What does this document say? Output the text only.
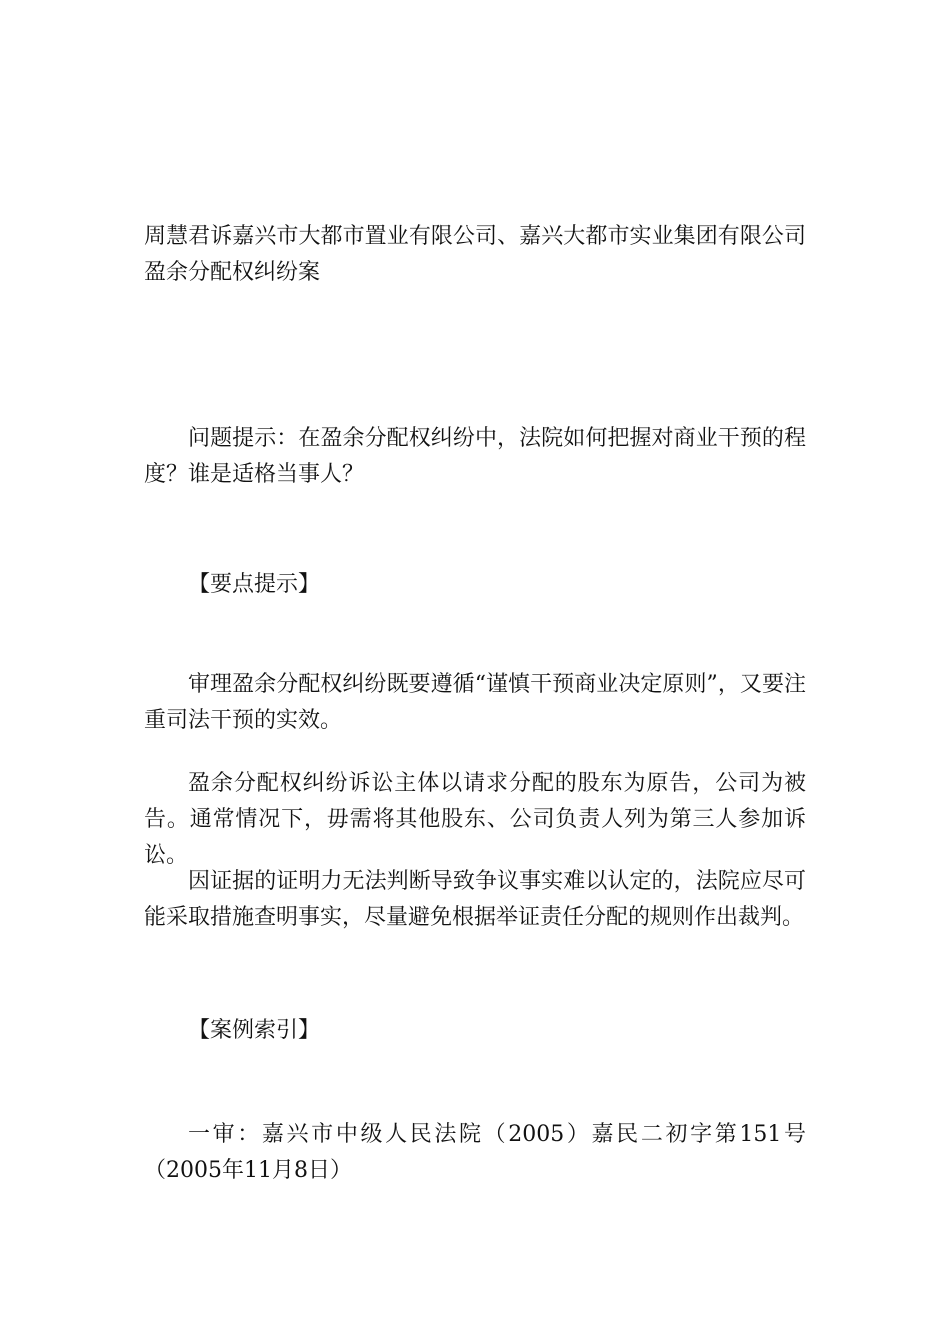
周慧君诉嘉兴市大都市置业有限公司、嘉兴大都市实业集团有限公司盈余分配权纠纷案

问题提示：在盈余分配权纠纷中，法院如何把握对商业干预的程度？谁是适格当事人？

【要点提示】

审理盈余分配权纠纷既要遵循“谨慎干预商业决定原则”，又要注重司法干预的实效。

盈余分配权纠纷诉讼主体以请求分配的股东为原告，公司为被告。通常情况下，毋需将其他股东、公司负责人列为第三人参加诉讼。

因证据的证明力无法判断导致争议事实难以认定的，法院应尽可能采取措施查明事实，尽量避免根据举证责任分配的规则作出裁判。

【案例索引】

一审：嘉兴市中级人民法院（2005）嘉民二初字第151号（2005年11月8日）
